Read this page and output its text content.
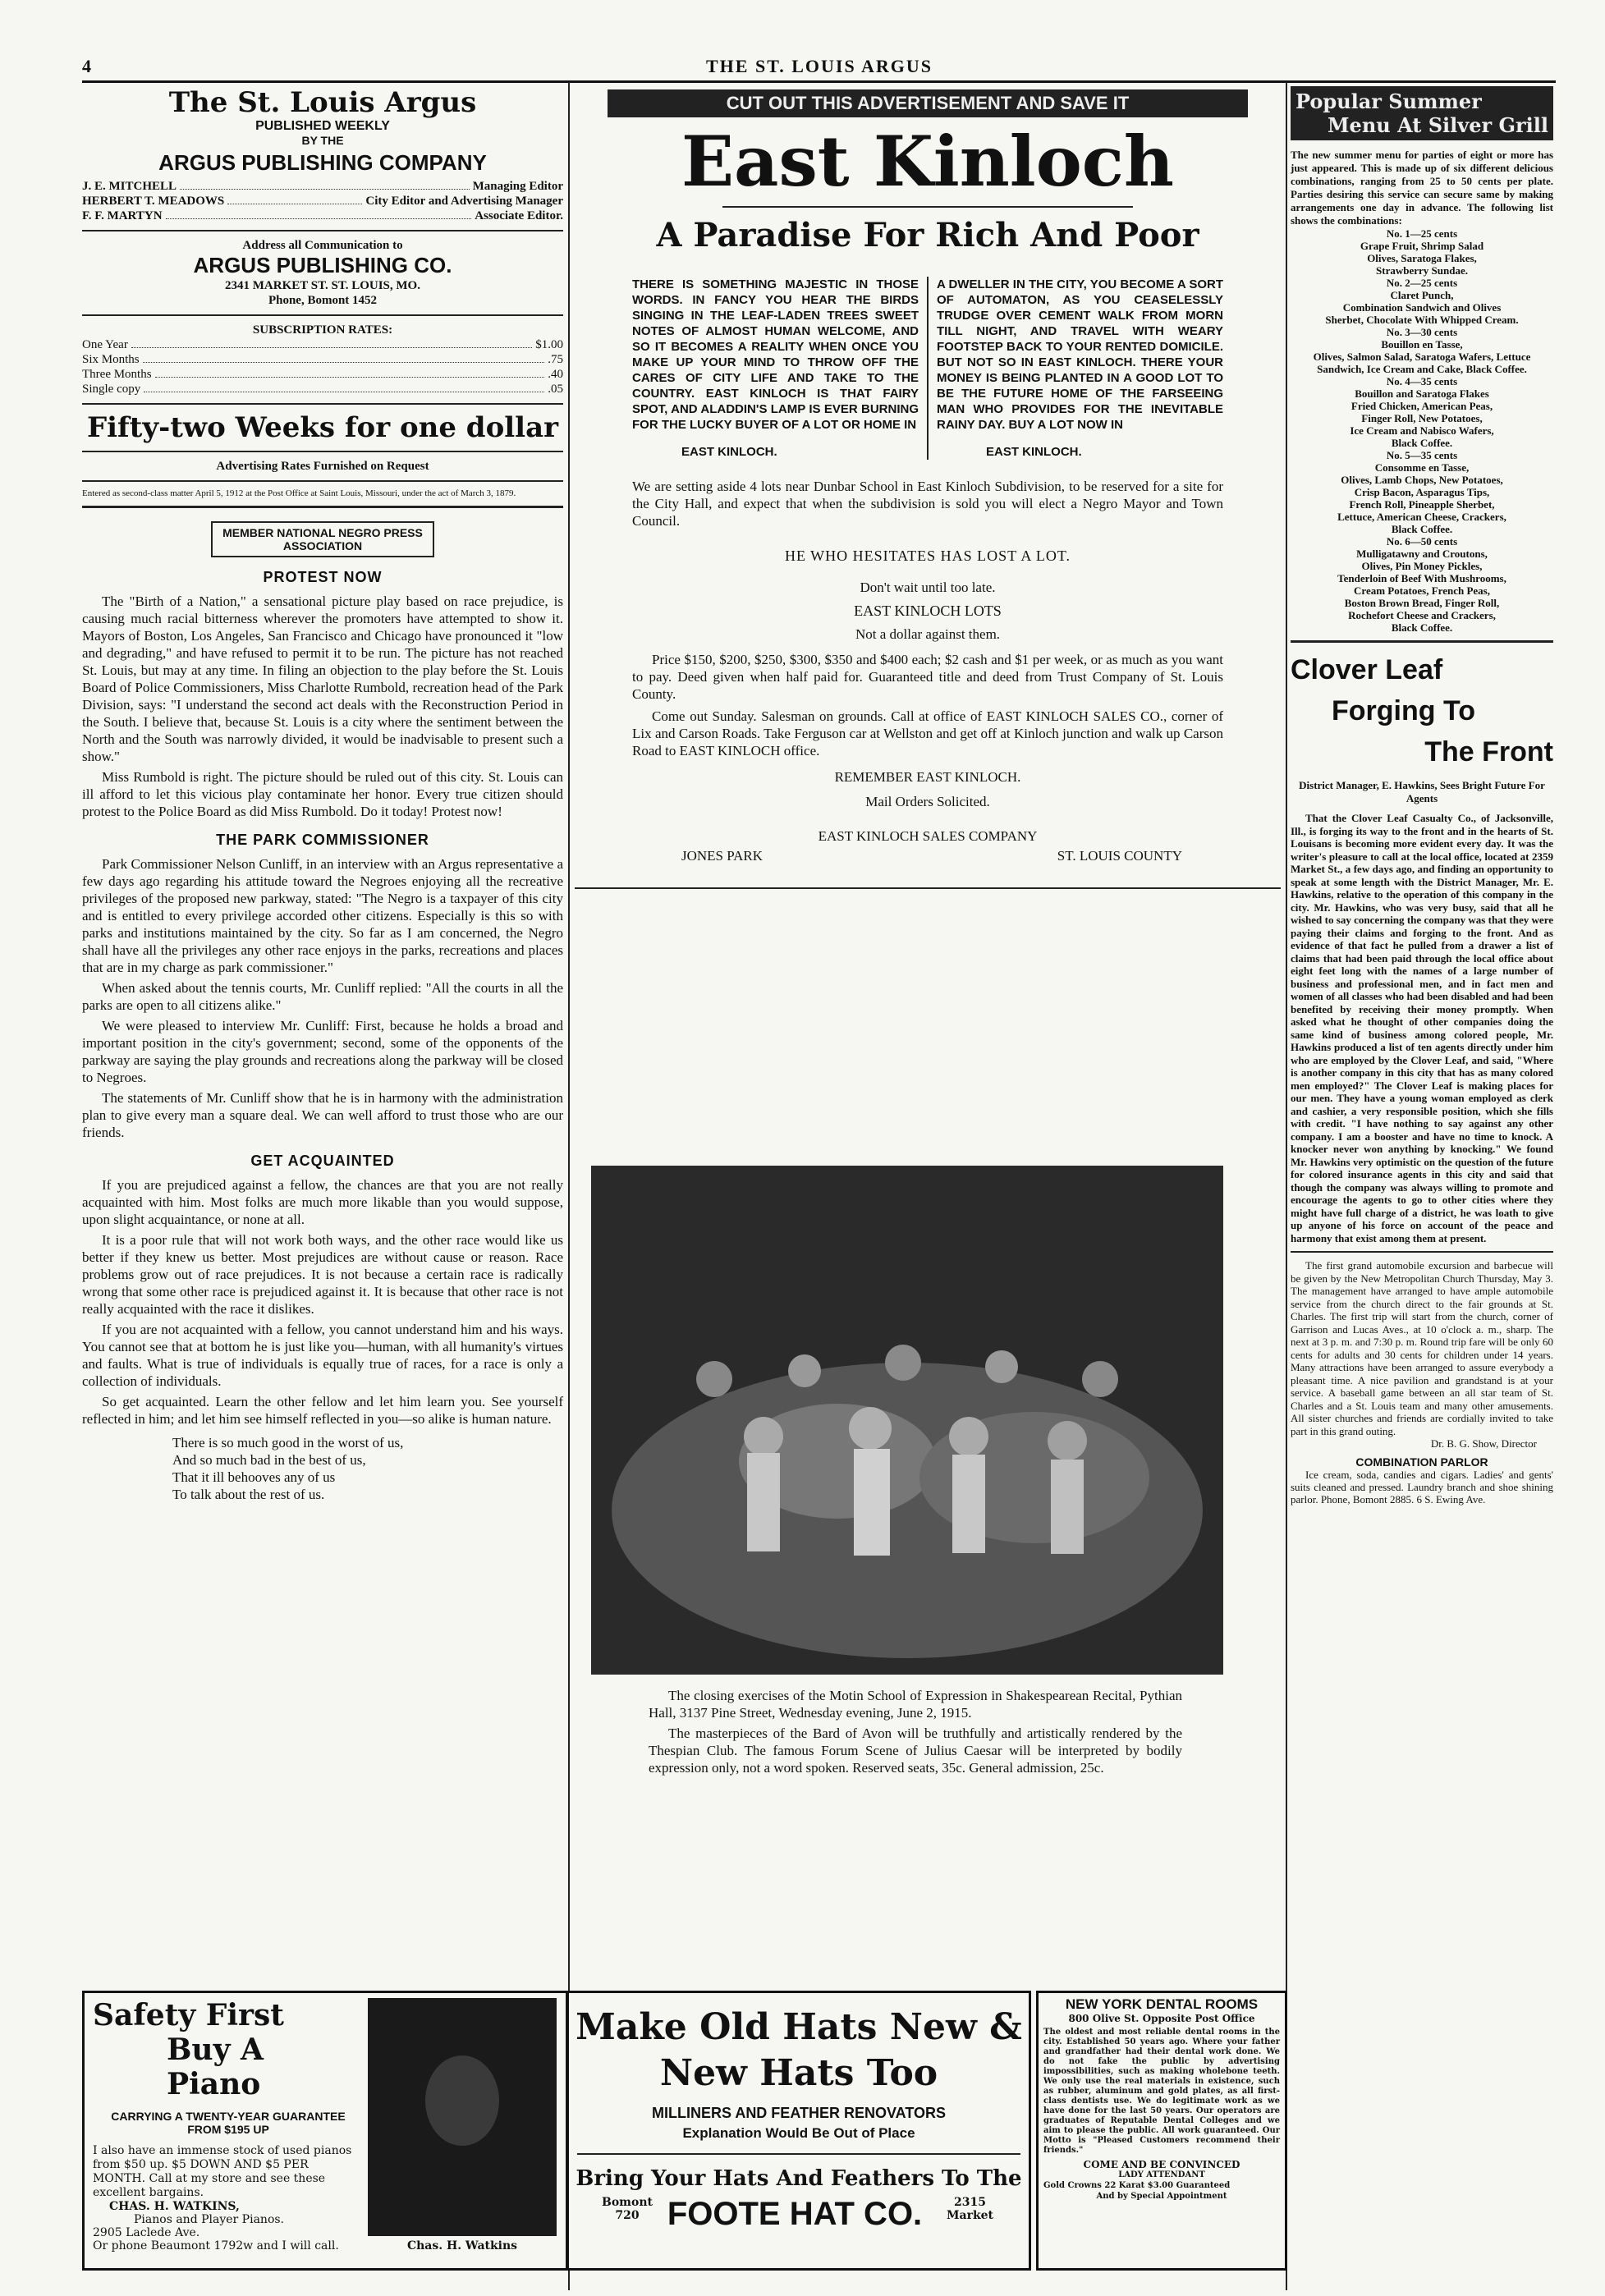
4	THE ST. LOUIS ARGUS
The St. Louis Argus
PUBLISHED WEEKLY
BY THE
ARGUS PUBLISHING COMPANY
J. E. MITCHELL	Managing Editor
HERBERT T. MEADOWS	City Editor and Advertising Manager
F. F. MARTYN	Associate Editor.
Address all Communication to
ARGUS PUBLISHING CO.
2341 MARKET ST. ST. LOUIS, MO.
Phone, Bomont 1452
SUBSCRIPTION RATES:
One Year	$1.00
Six Months	.75
Three Months	.40
Single copy	.05
Fifty-two Weeks for one dollar
Advertising Rates Furnished on Request
Entered as second-class matter April 5, 1912 at the Post Office at Saint Louis, Missouri, under the act of March 3, 1879.
MEMBER NATIONAL NEGRO PRESS ASSOCIATION
PROTEST NOW

The "Birth of a Nation," a sensational picture play based on race prejudice, is causing much racial bitterness wherever the promoters have attempted to show it. Mayors of Boston, Los Angeles, San Francisco and Chicago have pronounced it "low and degrading," and have refused to permit it to be run. The picture has not reached St. Louis, but may at any time. In filing an objection to the play before the St. Louis Board of Police Commissioners, Miss Charlotte Rumbold, recreation head of the Park Division, says: "I understand the second act deals with the Reconstruction Period in the South. I believe that, because St. Louis is a city where the sentiment between the North and the South was narrowly divided, it would be inadvisable to present such a show."

Miss Rumbold is right. The picture should be ruled out of this city. St. Louis can ill afford to let this vicious play contaminate her honor. Every true citizen should protest to the Police Board as did Miss Rumbold. Do it today! Protest now!

THE PARK COMMISSIONER

Park Commissioner Nelson Cunliff, in an interview with an Argus representative a few days ago regarding his attitude toward the Negroes enjoying all the recreative privileges of the proposed new parkway, stated: "The Negro is a taxpayer of this city and is entitled to every privilege accorded other citizens. Especially is this so with parks and institutions maintained by the city. So far as I am concerned, the Negro shall have all the privileges any other race enjoys in the parks, recreations and places that are in my charge as park commissioner."

When asked about the tennis courts, Mr. Cunliff replied: "All the courts in all the parks are open to all citizens alike."

We were pleased to interview Mr. Cunliff: First, because he holds a broad and important position in the city's government; second, some of the opponents of the parkway are saying the play grounds and recreations along the parkway will be closed to Negroes.

The statements of Mr. Cunliff show that he is in harmony with the administration plan to give every man a square deal. We can well afford to trust those who are our friends.

GET ACQUAINTED

If you are prejudiced against a fellow, the chances are that you are not really acquainted with him. Most folks are much more likable than you would suppose, upon slight acquaintance, or none at all.

It is a poor rule that will not work both ways, and the other race would like us better if they knew us better. Most prejudices are without cause or reason. Race problems grow out of race prejudices. It is not because a certain race is radically wrong that some other race is prejudiced against it. It is because that other race is not really acquainted with the race it dislikes.

If you are not acquainted with a fellow, you cannot understand him and his ways. You cannot see that at bottom he is just like you—human, with all humanity's virtues and faults. What is true of individuals is equally true of races, for a race is only a collection of individuals.

So get acquainted. Learn the other fellow and let him learn you. See yourself reflected in him; and let him see himself reflected in you—so alike is human nature.

There is so much good in the worst of us,
And so much bad in the best of us,
That it ill behooves any of us
To talk about the rest of us.
Safety First
Buy A Piano
CARRYING A TWENTY-YEAR GUARANTEE FROM $195 UP
I also have an immense stock of used pianos from $50 up. $5 DOWN AND $5 PER MONTH. Call at my store and see these excellent bargains.
CHAS. H. WATKINS,
Pianos and Player Pianos.
2905 Laclede Ave.
Or phone Beaumont 1792w and I will call.	Chas. H. Watkins
CUT OUT THIS ADVERTISEMENT AND SAVE IT
East Kinloch
A Paradise For Rich And Poor
THERE IS SOMETHING MAJESTIC IN THOSE WORDS. IN FANCY YOU HEAR THE BIRDS SINGING IN THE LEAF-LADEN TREES SWEET NOTES OF ALMOST HUMAN WELCOME, AND SO IT BECOMES A REALITY WHEN ONCE YOU MAKE UP YOUR MIND TO THROW OFF THE CARES OF CITY LIFE AND TAKE TO THE COUNTRY. EAST KINLOCH IS THAT FAIRY SPOT, AND ALADDIN'S LAMP IS EVER BURNING FOR THE LUCKY BUYER OF A LOT OR HOME IN
EAST KINLOCH.
A DWELLER IN THE CITY, YOU BECOME A SORT OF AUTOMATON, AS YOU CEASELESSLY TRUDGE OVER CEMENT WALK FROM MORN TILL NIGHT, AND TRAVEL WITH WEARY FOOTSTEP BACK TO YOUR RENTED DOMICILE. BUT NOT SO IN EAST KINLOCH. THERE YOUR MONEY IS BEING PLANTED IN A GOOD LOT TO BE THE FUTURE HOME OF THE FARSEEING MAN WHO PROVIDES FOR THE INEVITABLE RAINY DAY. BUY A LOT NOW IN
EAST KINLOCH.
We are setting aside 4 lots near Dunbar School in East Kinloch Subdivision, to be reserved for a site for the City Hall, and expect that when the subdivision is sold you will elect a Negro Mayor and Town Council.
HE WHO HESITATES HAS LOST A LOT.
Don't wait until too late.
EAST KINLOCH LOTS
Not a dollar against them.
Price $150, $200, $250, $300, $350 and $400 each; $2 cash and $1 per week, or as much as you want to pay. Deed given when half paid for. Guaranteed title and deed from Trust Company of St. Louis County.
Come out Sunday. Salesman on grounds. Call at office of EAST KINLOCH SALES CO., corner of Lix and Carson Roads. Take Ferguson car at Wellston and get off at Kinloch junction and walk up Carson Road to EAST KINLOCH office.
REMEMBER EAST KINLOCH.
Mail Orders Solicited.
EAST KINLOCH SALES COMPANY
JONES PARK	ST. LOUIS COUNTY
The closing exercises of the Motin School of Expression in Shakespearean Recital, Pythian Hall, 3137 Pine Street, Wednesday evening, June 2, 1915.
The masterpieces of the Bard of Avon will be truthfully and artistically rendered by the Thespian Club. The famous Forum Scene of Julius Caesar will be interpreted by bodily expression only, not a word spoken. Reserved seats, 35c. General admission, 25c.
Make Old Hats New & New Hats Too
MILLINERS AND FEATHER RENOVATORS
Explanation Would Be Out of Place
Bring Your Hats And Feathers To The
Bomont
720 FOOTE HAT CO.	2315
Market
NEW YORK DENTAL ROOMS
800 Olive St. Opposite Post Office
The oldest and most reliable dental rooms in the city. Established 50 years ago. Where your father and grandfather had their dental work done. We do not fake the public by advertising impossibilities, such as making wholebone teeth. We only use the real materials in existence, such as rubber, aluminum and gold plates, as all first-class dentists use. We do legitimate work as we have done for the last 50 years. Our operators are graduates of Reputable Dental Colleges and we aim to please the public. All work guaranteed. Our Motto is "Pleased Customers recommend their friends."
COME AND BE CONVINCED
LADY ATTENDANT
Gold Crowns 22 Karat $3.00 Guaranteed
And by Special Appointment
Popular Summer
Menu At Silver Grill
The new summer menu for parties of eight or more has just appeared. This is made up of six different delicious combinations, ranging from 25 to 50 cents per plate. Parties desiring this service can secure same by making arrangements one day in advance. The following list shows the combinations:
No. 1—25 cents
Grape Fruit, Shrimp Salad
Olives, Saratoga Flakes,
Strawberry Sundae.
No. 2—25 cents
Claret Punch,
Combination Sandwich and Olives
Sherbet, Chocolate With Whipped Cream.
No. 3—30 cents
Bouillon en Tasse,
Olives, Salmon Salad, Saratoga Wafers, Lettuce Sandwich, Ice Cream and Cake, Black Coffee.
No. 4—35 cents
Bouillon and Saratoga Flakes
Fried Chicken, American Peas,
Finger Roll, New Potatoes,
Ice Cream and Nabisco Wafers,
Black Coffee.
No. 5—35 cents
Consomme en Tasse,
Olives, Lamb Chops, New Potatoes,
Crisp Bacon, Asparagus Tips,
French Roll, Pineapple Sherbet,
Lettuce, American Cheese, Crackers,
Black Coffee.
No. 6—50 cents
Mulligatawny and Croutons,
Olives, Pin Money Pickles,
Tenderloin of Beef With Mushrooms,
Cream Potatoes, French Peas,
Boston Brown Bread, Finger Roll,
Rochefort Cheese and Crackers,
Black Coffee.
Clover Leaf
Forging To
The Front
District Manager, E. Hawkins, Sees Bright Future For Agents
That the Clover Leaf Casualty Co., of Jacksonville, Ill., is forging its way to the front and in the hearts of St. Louisans is becoming more evident every day. It was the writer's pleasure to call at the local office, located at 2359 Market St., a few days ago, and finding an opportunity to speak at some length with the District Manager, Mr. E. Hawkins, relative to the operation of this company in the city. Mr. Hawkins, who was very busy, said that all he wished to say concerning the company was that they were paying their claims and forging to the front. And as evidence of that fact he pulled from a drawer a list of claims that had been paid through the local office about eight feet long with the names of a large number of business and professional men, and in fact men and women of all classes who had been disabled and had been benefited by receiving their money promptly. When asked what he thought of other companies doing the same kind of business among colored people, Mr. Hawkins produced a list of ten agents directly under him who are employed by the Clover Leaf, and said, "Where is another company in this city that has as many colored men employed?" The Clover Leaf is making places for our men. They have a young woman employed as clerk and cashier, a very responsible position, which she fills with credit. "I have nothing to say against any other company. I am a booster and have no time to knock. A knocker never won anything by knocking." We found Mr. Hawkins very optimistic on the question of the future for colored insurance agents in this city and said that though the company was always willing to promote and encourage the agents to go to other cities where they might have full charge of a district, he was loath to give up anyone of his force on account of the peace and harmony that exist among them at present.
The first grand automobile excursion and barbecue will be given by the New Metropolitan Church Thursday, May 3. The management have arranged to have ample automobile service from the church direct to the fair grounds at St. Charles. The first trip will start from the church, corner of Garrison and Lucas Aves., at 10 o'clock a. m., sharp. The next at 3 p. m. and 7:30 p. m. Round trip fare will be only 60 cents for adults and 30 cents for children under 14 years. Many attractions have been arranged to assure everybody a pleasant time. A nice pavilion and grandstand is at your service. A baseball game between an all star team of St. Charles and a St. Louis team and many other amusements. All sister churches and friends are cordially invited to take part in this grand outing.
Dr. B. G. Show, Director
COMBINATION PARLOR
Ice cream, soda, candies and cigars. Ladies' and gents' suits cleaned and pressed. Laundry branch and shoe shining parlor. Phone, Bomont 2885. 6 S. Ewing Ave.
